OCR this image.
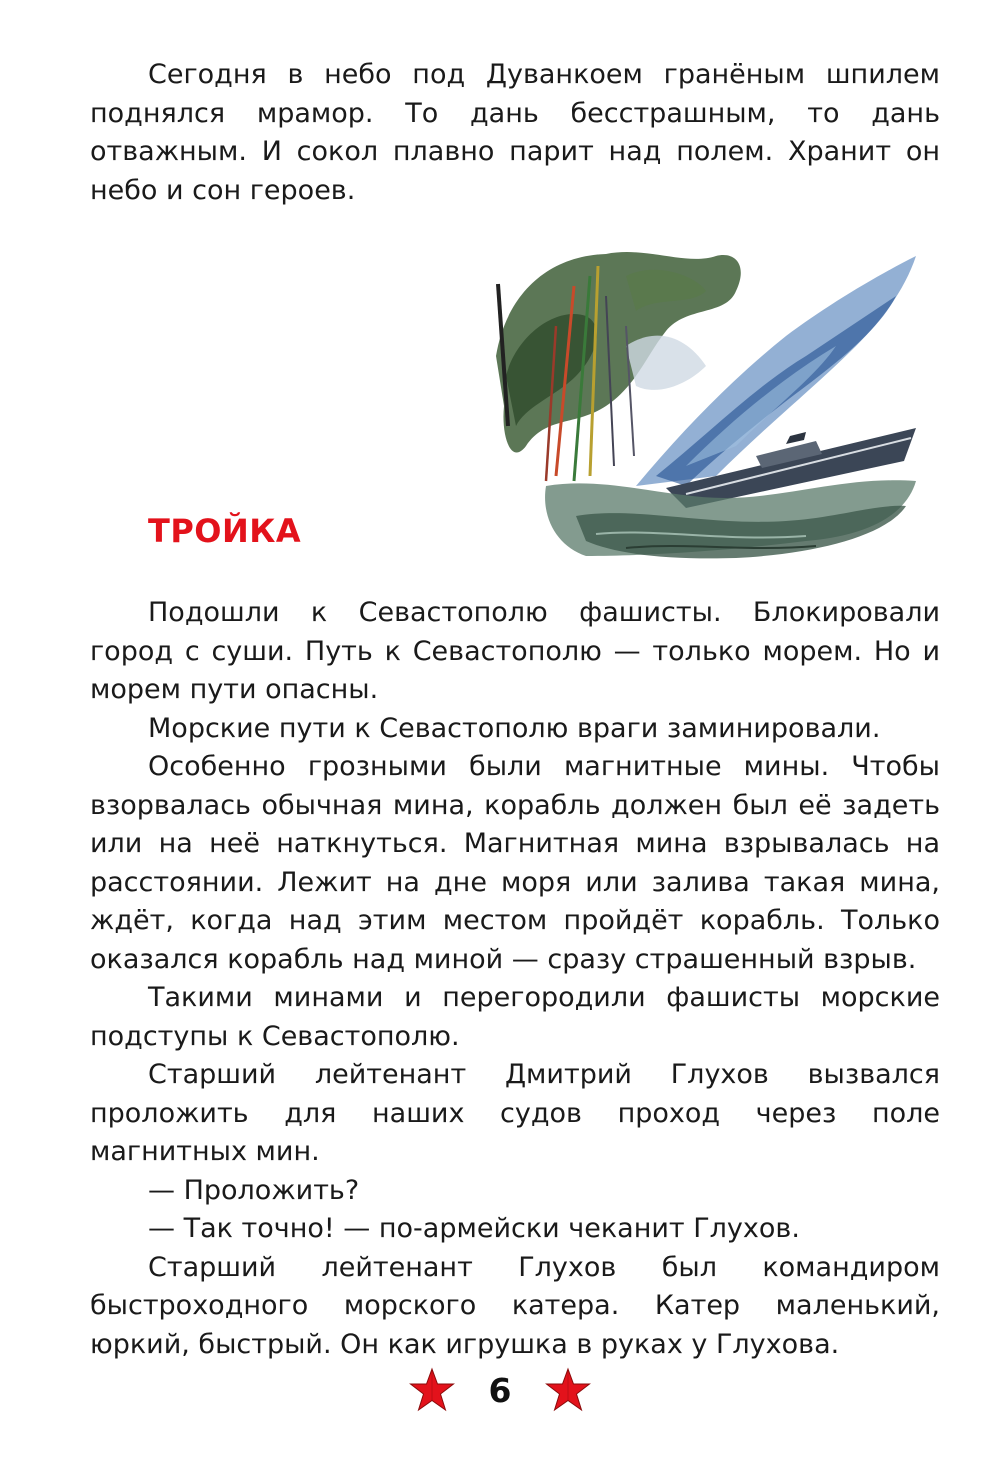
Сегодня в небо под Дуванкоем гранёным шпилем поднялся мрамор. То дань бесстрашным, то дань отважным. И сокол плавно парит над полем. Хранит он небо и сон героев.

ТРОЙКА

Подошли к Севастополю фашисты. Блокировали город с суши. Путь к Севастополю — только морем. Но и морем пути опасны.

Морские пути к Севастополю враги заминировали.

Особенно грозными были магнитные мины. Чтобы взорвалась обычная мина, корабль должен был её задеть или на неё наткнуться. Магнитная мина взрывалась на расстоянии. Лежит на дне моря или залива такая мина, ждёт, когда над этим местом пройдёт корабль. Только оказался корабль над миной — сразу страшенный взрыв.

Такими минами и перегородили фашисты морские подступы к Севастополю.

Старший лейтенант Дмитрий Глухов вызвался проложить для наших судов проход через поле магнитных мин.

— Проложить?

— Так точно! — по-армейски чеканит Глухов.

Старший лейтенант Глухов был командиром быстроходного морского катера. Катер маленький, юркий, быстрый. Он как игрушка в руках у Глухова.

6
